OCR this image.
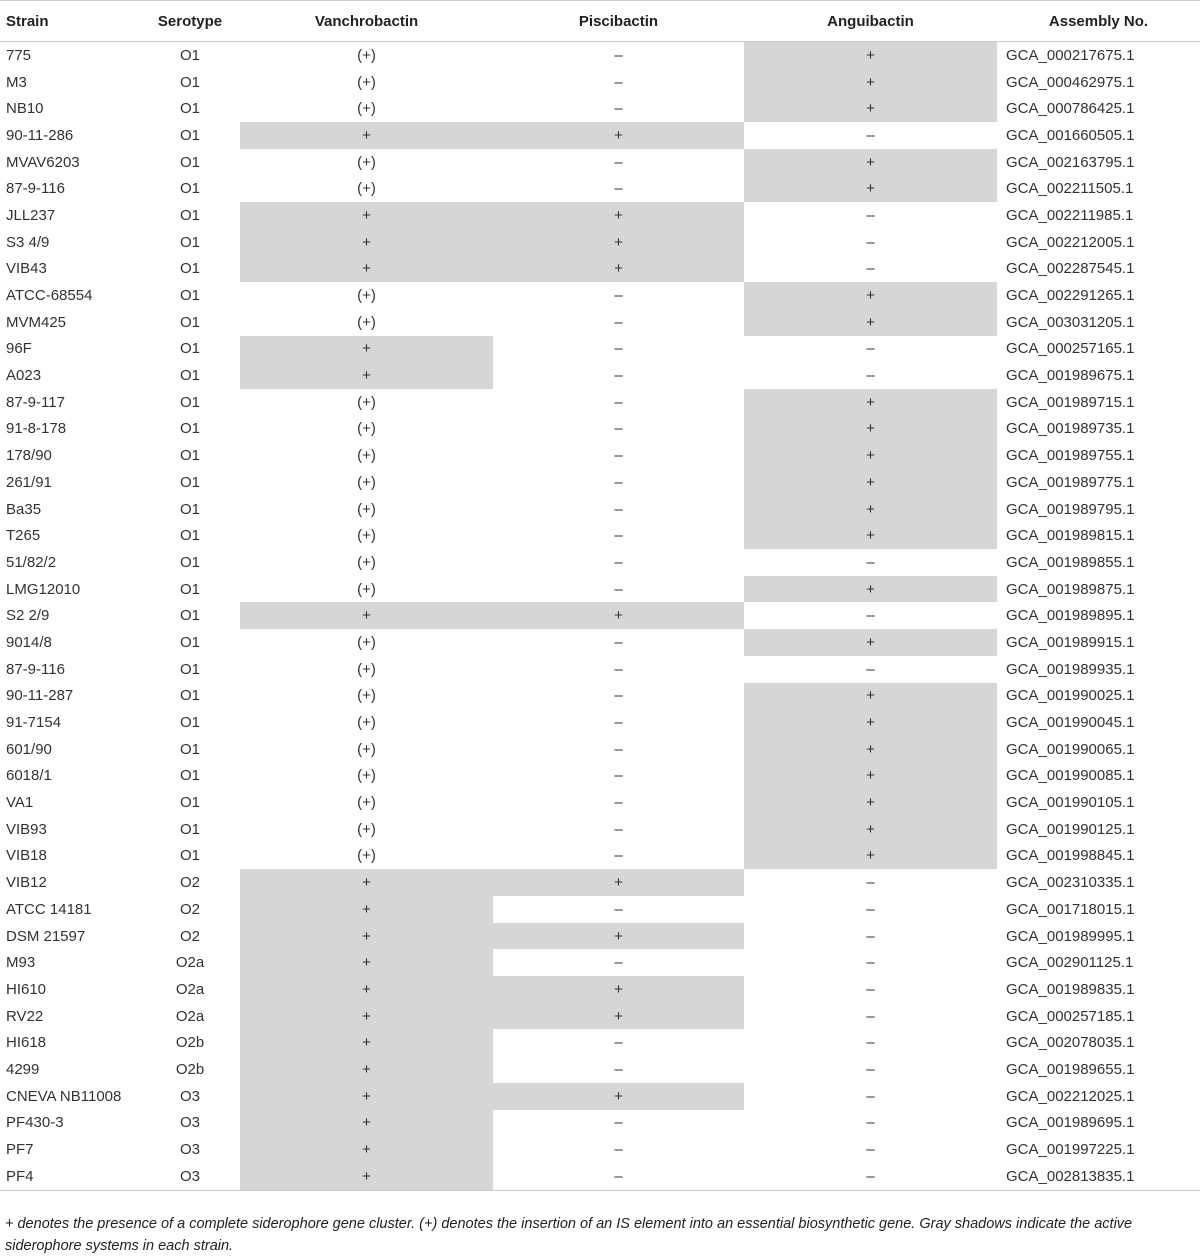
Strain	Serotype	Vanchrobactin	Piscibactin	Anguibactin	Assembly No.
775	O1	(+)	–	+	GCA_000217675.1
M3	O1	(+)	–	+	GCA_000462975.1
NB10	O1	(+)	–	+	GCA_000786425.1
90-11-286	O1	+	+	–	GCA_001660505.1
MVAV6203	O1	(+)	–	+	GCA_002163795.1
87-9-116	O1	(+)	–	+	GCA_002211505.1
JLL237	O1	+	+	–	GCA_002211985.1
S3 4/9	O1	+	+	–	GCA_002212005.1
VIB43	O1	+	+	–	GCA_002287545.1
ATCC-68554	O1	(+)	–	+	GCA_002291265.1
MVM425	O1	(+)	–	+	GCA_003031205.1
96F	O1	+	–	–	GCA_000257165.1
A023	O1	+	–	–	GCA_001989675.1
87-9-117	O1	(+)	–	+	GCA_001989715.1
91-8-178	O1	(+)	–	+	GCA_001989735.1
178/90	O1	(+)	–	+	GCA_001989755.1
261/91	O1	(+)	–	+	GCA_001989775.1
Ba35	O1	(+)	–	+	GCA_001989795.1
T265	O1	(+)	–	+	GCA_001989815.1
51/82/2	O1	(+)	–	–	GCA_001989855.1
LMG12010	O1	(+)	–	+	GCA_001989875.1
S2 2/9	O1	+	+	–	GCA_001989895.1
9014/8	O1	(+)	–	+	GCA_001989915.1
87-9-116	O1	(+)	–	–	GCA_001989935.1
90-11-287	O1	(+)	–	+	GCA_001990025.1
91-7154	O1	(+)	–	+	GCA_001990045.1
601/90	O1	(+)	–	+	GCA_001990065.1
6018/1	O1	(+)	–	+	GCA_001990085.1
VA1	O1	(+)	–	+	GCA_001990105.1
VIB93	O1	(+)	–	+	GCA_001990125.1
VIB18	O1	(+)	–	+	GCA_001998845.1
VIB12	O2	+	+	–	GCA_002310335.1
ATCC 14181	O2	+	–	–	GCA_001718015.1
DSM 21597	O2	+	+	–	GCA_001989995.1
M93	O2a	+	–	–	GCA_002901125.1
HI610	O2a	+	+	–	GCA_001989835.1
RV22	O2a	+	+	–	GCA_000257185.1
HI618	O2b	+	–	–	GCA_002078035.1
4299	O2b	+	–	–	GCA_001989655.1
CNEVA NB11008	O3	+	+	–	GCA_002212025.1
PF430-3	O3	+	–	–	GCA_001989695.1
PF7	O3	+	–	–	GCA_001997225.1
PF4	O3	+	–	–	GCA_002813835.1
+ denotes the presence of a complete siderophore gene cluster. (+) denotes the insertion of an IS element into an essential biosynthetic gene. Gray shadows indicate the active siderophore systems in each strain.
